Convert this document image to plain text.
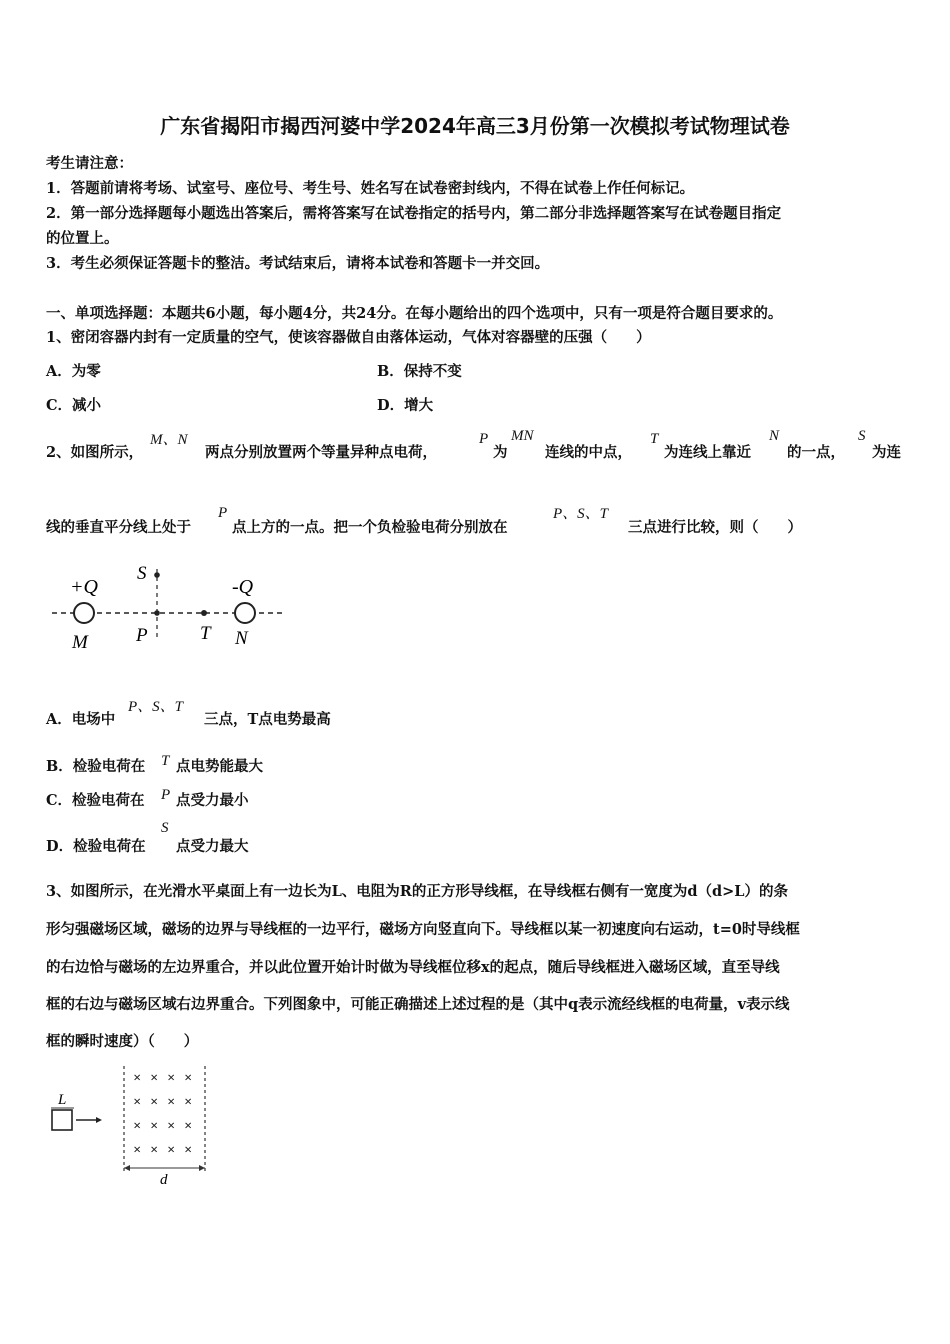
广东省揭阳市揭西河婆中学2024年高三3月份第一次模拟考试物理试卷
考生请注意：
1．答题前请将考场、试室号、座位号、考生号、姓名写在试卷密封线内，不得在试卷上作任何标记。
2．第一部分选择题每小题选出答案后，需将答案写在试卷指定的括号内，第二部分非选择题答案写在试卷题目指定
的位置上。
3．考生必须保证答题卡的整洁。考试结束后，请将本试卷和答题卡一并交回。
一、单项选择题：本题共6小题，每小题4分，共24分。在每小题给出的四个选项中，只有一项是符合题目要求的。
1、密闭容器内封有一定质量的空气，使该容器做自由落体运动，气体对容器壁的压强（　　）
A．为零	B．保持不变
C．减小	D．增大
2、如图所示，
M、N
两点分别放置两个等量异种点电荷，
P
为
MN
连线的中点，
T
为连线上靠近
N
的一点，
S
为连
线的垂直平分线上处于
P
点上方的一点。把一个负检验电荷分别放在
P、S、T
三点进行比较，则（　　）
+Q	-Q
S
M	P	T N
A．电场中
P、S、T
三点，T点电势最高
B．检验电荷在 T 点电势能最大
C．检验电荷在 P 点受力最小
D．检验电荷在
S
点受力最大
3、如图所示，在光滑水平桌面上有一边长为L、电阻为R的正方形导线框，在导线框右侧有一宽度为d（d>L）的条
形匀强磁场区域，磁场的边界与导线框的一边平行，磁场方向竖直向下。导线框以某一初速度向右运动，t=0时导线框
的右边恰与磁场的左边界重合，并以此位置开始计时做为导线框位移x的起点，随后导线框进入磁场区域，直至导线
框的右边与磁场区域右边界重合。下列图象中，可能正确描述上述过程的是（其中q表示流经线框的电荷量，v表示线
框的瞬时速度）（　　）
L
× × × ×
× × × ×
× × × ×
× × × ×
d
